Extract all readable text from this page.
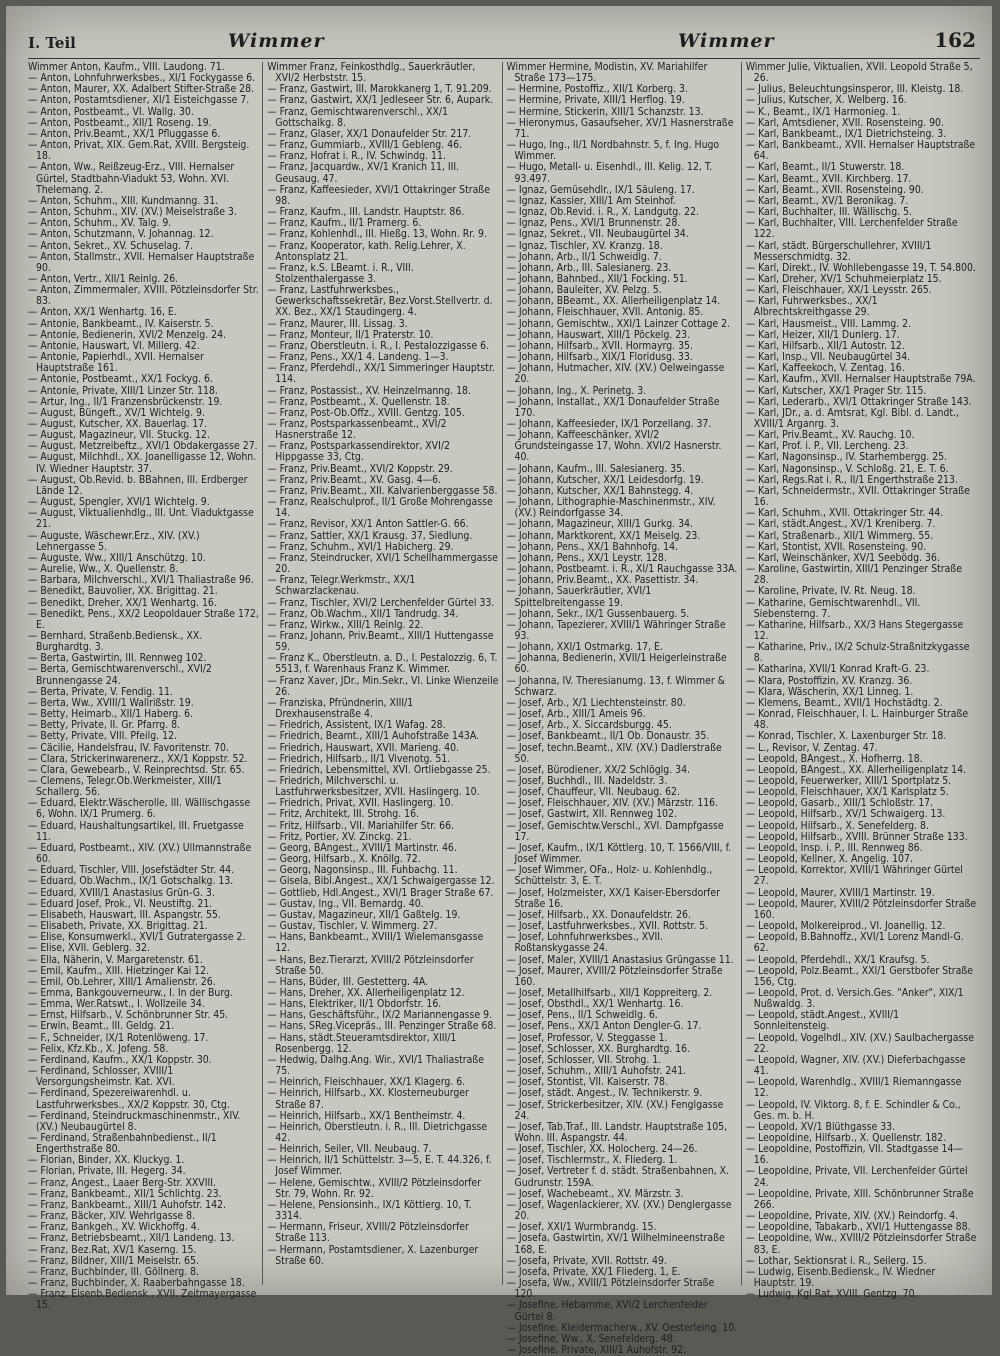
I. Teil	Wimmer	Wimmer	162

Wimmer Anton, Kaufm., VIII. Laudong. 71.

— Anton, Lohnfuhrwerksbes., XI/1 Fockygasse 6.

— Anton, Maurer, XX. Adalbert Stifter-Straße 28.

— Anton, Postamtsdiener, XI/1 Eisteichgasse 7.

— Anton, Postbeamt., VI. Wallg. 30.

— Anton, Postbeamt., XII/1 Roseng. 19.

— Anton, Priv.Beamt., XX/1 Pfluggasse 6.

— Anton, Privat, XIX. Gem.Rat, XVIII. Bergsteig. 18.

— Anton, Ww., Reißzeug-Erz., VIII. Hernalser Gürtel, Stadtbahn-Viadukt 53, Wohn. XVI. Thelemang. 2.

— Anton, Schuhm., XIII. Kundmanng. 31.

— Anton, Schuhm., XIV. (XV.) Meiselstraße 3.

— Anton, Schuhm., XV. Talg. 9.

— Anton, Schutzmann, V. Johannag. 12.

— Anton, Sekret., XV. Schuselag. 7.

— Anton, Stallmstr., XVII. Hernalser Hauptstraße 90.

— Anton, Vertr., XII/1 Reinlg. 26.

— Anton, Zimmermaler, XVIII. Pötzleinsdorfer Str. 83.

— Anton, XX/1 Wenhartg. 16, E.

— Antonie, Bankbeamt., IV. Kaiserstr. 5.

— Antonie, Bedienerin, XVI/2 Menzelg. 24.

— Antonie, Hauswart, VI. Millerg. 42.

— Antonie, Papierhdl., XVII. Hernalser Hauptstraße 161.

— Antonie, Postbeamt., XX/1 Fockyg. 6.

— Antonie, Private, XIII/1 Linzer Str. 118.

— Artur, Ing., II/1 Franzensbrückenstr. 19.

— August, Büngeft., XV/1 Wichtelg. 9.

— August, Kutscher, XX. Bauerlag. 17.

— August, Magazineur, VII. Stuckg. 12.

— August, Metzreibeftz., XVI/1 Obdakergasse 27.

— August, Milchhdl., XX. Joanelligasse 12, Wohn. IV. Wiedner Hauptstr. 37.

— August, Ob.Revid. b. BBahnen, III. Erdberger Lände 12.

— August, Spengler, XVI/1 Wichtelg. 9.

— August, Viktualienhdlg., III. Unt. Viaduktgasse 21.

— Auguste, Wäschewr.Erz., XIV. (XV.) Lehnergasse 5.

— Auguste, Ww., XIII/1 Anschützg. 10.

— Aurelie, Ww., X. Quellenstr. 8.

— Barbara, Milchverschl., XVI/1 Thaliastraße 96.

— Benedikt, Bauvolier, XX. Brigittag. 21.

— Benedikt, Dreher, XX/1 Wenhartg. 16.

— Benedikt, Pens., XX/2 Leopoldauer Straße 172, E.

— Bernhard, Straßenb.Bediensk., XX. Burghardtg. 3.

— Berta, Gastwirtin, III. Rennweg 102.

— Berta, Gemischtwarenverschl., XVI/2 Brunnengasse 24.

— Berta, Private, V. Fendig. 11.

— Berta, Ww., XVIII/1 Wallrißstr. 19.

— Betty, Heimarb., XII/1 Haberg. 6.

— Betty, Private, II. Gr. Pfarrg. 8.

— Betty, Private, VIII. Pfeilg. 12.

— Cäcilie, Handelsfrau, IV. Favoritenstr. 70.

— Clara, Strickerinwarenerz., XX/1 Koppstr. 52.

— Clara, Gewebearb., V. Reinprechtsd. Str. 65.

— Clemens, Telegr.Ob.Werkmeister, XIII/1 Schallerg. 56.

— Eduard, Elektr.Wäscherolle, III. Wällischgasse 6, Wohn. IX/1 Prumerg. 6.

— Eduard, Haushaltungsartikel, III. Fruetgasse 11.

— Eduard, Postbeamt., XIV. (XV.) Ullmannstraße 60.

— Eduard, Tischler, VIII. Josefstädter Str. 44.

— Eduard, Ob.Wachm., IX/1 Gotschalkg. 13.

— Eduard, XVIII/1 Anastasius Grün-G. 3.

— Eduard Josef, Prok., VI. Neustiftg. 21.

— Elisabeth, Hauswart, III. Aspangstr. 55.

— Elisabeth, Private, XX. Brigittag. 21.

— Elise, Konsumwerkl., XVI/1 Gutratergasse 2.

— Elise, XVII. Geblerg. 32.

— Ella, Näherin, V. Margaretenstr. 61.

— Emil, Kaufm., XIII. Hietzinger Kai 12.

— Emil, Ob.Lehrer, XIII/1 Amalienstr. 26.

— Emma, Bankgouverneurw., I. In der Burg.

— Emma, Wer.Ratswt., I. Wollzeile 34.

— Ernst, Hilfsarb., V. Schönbrunner Str. 45.

— Erwin, Beamt., III. Geldg. 21.

— F., Schneider, IX/1 Rotenlöweng. 17.

— Felix, Kfz.Kb., X. Jofeng. 58.

— Ferdinand, Kaufm., XX/1 Koppstr. 30.

— Ferdinand, Schlosser, XVIII/1 Versorgungsheimstr. Kat. XVI.

— Ferdinand, Spezereiwarenhdl. u. Lastfuhrwerksbes., XX/2 Koppstr. 30, Ctg.

— Ferdinand, Steindruckmaschinenmstr., XIV. (XV.) Neubaugürtel 8.

— Ferdinand, Straßenbahnbedienst., II/1 Engerthstraße 80.

— Florian, Binder, XX. Kluckyg. 1.

— Florian, Private, III. Hegerg. 34.

— Franz, Angest., Laaer Berg-Str. XXVIII.

— Franz, Bankbeamt., XII/1 Schlichtg. 23.

— Franz, Bankbeamt., XIII/1 Auhofstr. 142.

— Franz, Bäcker, XIV. Wehrlgasse 8.

— Franz, Bankgeh., XV. Wickhoffg. 4.

— Franz, Betriebsbeamt., XII/1 Landeng. 13.

— Franz, Bez.Rat, XV/1 Kaserng. 15.

— Franz, Bildner, XIII/1 Meiselstr. 65.

— Franz, Buchbinder, III. Göllnerg. 8.

— Franz, Buchbinder, X. Raaberbahngasse 18.

— Franz, Eisenb.Bediensk., XVII. Zeitmayergasse 15.

Wimmer Franz, Feinkosthdlg., Sauerkräutler, XVI/2 Herbststr. 15.

— Franz, Gastwirt, III. Marokkanerg 1, T. 91.209.

— Franz, Gastwirt, XX/1 Jedleseer Str. 6, Aupark.

— Franz, Gemischtwarenverschl., XX/1 Gottschalkg. 8.

— Franz, Glaser, XX/1 Donaufelder Str. 217.

— Franz, Gummiarb., XVIII/1 Gebleng. 46.

— Franz, Hofrat i. R., IV. Schwindg. 11.

— Franz, Jacquardw., XV/1 Kranich 11, III. Geusaug. 47.

— Franz, Kaffeesieder, XVI/1 Ottakringer Straße 98.

— Franz, Kaufm., III. Landstr. Hauptstr. 86.

— Franz, Kaufm., II/1 Pramerg. 6.

— Franz, Kohlenhdl., III. Hießg. 13, Wohn. Rr. 9.

— Franz, Kooperator, kath. Relig.Lehrer, X. Antonsplatz 21.

— Franz, k.S. LBeamt. i. R., VIII. Stolzenthalergasse 3.

— Franz, Lastfuhrwerksbes., Gewerkschaftssekretär, Bez.Vorst.Stellvertr. d. XX. Bez., XX/1 Staudingerg. 4.

— Franz, Maurer, III. Lissag. 3.

— Franz, Monteur, II/1 Praterstr. 10.

— Franz, Oberstleutn. i. R., I. Pestalozzigasse 6.

— Franz, Pens., XX/1 4. Landeng. 1—3.

— Franz, Pferdehdl., XX/1 Simmeringer Hauptstr. 114.

— Franz, Postassist., XV. Heinzelmanng. 18.

— Franz, Postbeamt., X. Quellenstr. 18.

— Franz, Post-Ob.Offz., XVIII. Gentzg. 105.

— Franz, Postsparkassenbeamt., XVI/2 Hasnerstraße 12.

— Franz, Postsparkassendirektor, XVI/2 Hippgasse 33, Ctg.

— Franz, Priv.Beamt., XVI/2 Koppstr. 29.

— Franz, Priv.Beamt., XV. Gasg. 4—6.

— Franz, Priv.Beamt., XII. Kalvarienberggasse 58.

— Franz, Realschulprof., II/1 Große Mohrengasse 14.

— Franz, Revisor, XX/1 Anton Sattler-G. 66.

— Franz, Sattler, XX/1 Krausg. 37, Siedlung.

— Franz, Schuhm., XVI/1 Habicherg. 29.

— Franz, Steindrucker, XVI/1 Schellhammergasse 20.

— Franz, Telegr.Werkmstr., XX/1 Schwarzlackenau.

— Franz, Tischler, XVI/2 Lerchenfelder Gürtel 33.

— Franz, Ob.Wachm., XII/1 Tandrudg. 34.

— Franz, Wirkw., XIII/1 Reinlg. 22.

— Franz, Johann, Priv.Beamt., XIII/1 Huttengasse 59.

— Franz K., Oberstleutn. a. D., I. Pestalozzig. 6, T. 5513, f. Warenhaus Franz K. Wimmer.

— Franz Xaver, JDr., Min.Sekr., VI. Linke Wienzeile 26.

— Franziska, Pfründnerin, XIII/1 Drexhausenstraße 4.

— Friedrich, Assistent, IX/1 Wafag. 28.

— Friedrich, Beamt., XIII/1 Auhofstraße 143A.

— Friedrich, Hauswart, XVII. Marieng. 40.

— Friedrich, Hilfsarb., II/1 Vivenotg. 51.

— Friedrich, Lebensmittel, XVI. Ortliebgasse 25.

— Friedrich, Milchverschl. u. Lastfuhrwerksbesitzer, XVII. Haslingerg. 10.

— Friedrich, Privat, XVII. Haslingerg. 10.

— Fritz, Architekt, III. Strohg. 16.

— Fritz, Hilfsarb., VII. Mariahilfer Str. 66.

— Fritz, Portier, XV. Zinckg. 21.

— Georg, BAngest., XVIII/1 Martinstr. 46.

— Georg, Hilfsarb., X. Knöllg. 72.

— Georg, Nagonsinsp., III. Fuhbachg. 11.

— Gisela, Bibl.Angest., XX/1 Schwaigergasse 12.

— Gottlieb, Hdl.Angest., XVI/1 Brager Straße 67.

— Gustav, Ing., VII. Bernardg. 40.

— Gustav, Magazineur, XII/1 Gaßtelg. 19.

— Gustav, Tischler, V. Wimmerg. 27.

— Hans, Bankbeamt., XVIII/1 Wielemansgasse 12.

— Hans, Bez.Tierarzt, XVIII/2 Pötzleinsdorfer Straße 50.

— Hans, Büder, III. Gestetterg. 4A.

— Hans, Dreher, XX. Allerheiligenplatz 12.

— Hans, Elektriker, II/1 Obdorfstr. 16.

— Hans, Geschäftsführ., IX/2 Mariannengasse 9.

— Hans, SReg.Vicepräs., III. Penzinger Straße 68.

— Hans, städt.Steueramtsdirektor, XIII/1 Rosenbergg. 12.

— Hedwig, Dalhg.Ang. Wir., XVI/1 Thaliastraße 75.

— Heinrich, Fleischhauer, XX/1 Klagerg. 6.

— Heinrich, Hilfsarb., XX. Klosterneuburger Straße 87.

— Heinrich, Hilfsarb., XX/1 Bentheimstr. 4.

— Heinrich, Oberstleutn. i. R., III. Dietrichgasse 42.

— Heinrich, Seiler, VII. Neubaug. 7.

— Heinrich, II/1 Schüttelstr. 3—5, E. T. 44.326, f. Josef Wimmer.

— Helene, Gemischtw., XVIII/2 Pötzleinsdorfer Str. 79, Wohn. Rr. 92.

— Helene, Pensionsinh., IX/1 Köttlerg. 10, T. 3314.

— Hermann, Friseur, XVIII/2 Pötzleinsdorfer Straße 113.

— Hermann, Postamtsdiener, X. Lazenburger Straße 60.

Wimmer Hermine, Modistin, XV. Mariahilfer Straße 173—175.

— Hermine, Postoffiz., XII/1 Korberg. 3.

— Hermine, Private, XIII/1 Herflog. 19.

— Hermine, Stickerin, XIII/1 Schanzstr. 13.

— Hieronymus, Gasaufseher, XV/1 Hasnerstraße 71.

— Hugo, Ing., II/1 Nordbahnstr. 5, f. Ing. Hugo Wimmer.

— Hugo, Metall- u. Eisenhdl., III. Kelig. 12, T. 93.497.

— Ignaz, Gemüsehdlr., IX/1 Säuleng. 17.

— Ignaz, Kassier, XIII/1 Am Steinhof.

— Ignaz, Ob.Revid. i. R., X. Landgutg. 22.

— Ignaz, Pens., XVI/1 Brunnenstr. 28.

— Ignaz, Sekret., VII. Neubaugürtel 34.

— Ignaz, Tischler, XV. Kranzg. 18.

— Johann, Arb., II/1 Schweidlg. 7.

— Johann, Arb., III. Salesianerg. 23.

— Johann, Bahnbed., XII/1 Focking. 51.

— Johann, Bauleiter, XV. Pelzg. 5.

— Johann, BBeamt., XX. Allerheiligenplatz 14.

— Johann, Fleischhauer, XVII. Antonig. 85.

— Johann, Gemischtw., XXI/1 Lainzer Cottage 2.

— Johann, Hauswart, XIII/1 Pöckelg. 23.

— Johann, Hilfsarb., XVII. Hormayrg. 35.

— Johann, Hilfsarb., XIX/1 Floridusg. 33.

— Johann, Hutmacher, XIV. (XV.) Oelweingasse 20.

— Johann, Ing., X. Perinetg. 3.

— Johann, Installat., XX/1 Donaufelder Straße 170.

— Johann, Kaffeesieder, IX/1 Porzellang. 37.

— Johann, Kaffeeschänker, XVI/2 Grundsteingasse 17, Wohn. XVI/2 Hasnerstr. 40.

— Johann, Kaufm., III. Salesianerg. 35.

— Johann, Kutscher, XX/1 Leidesdorfg. 19.

— Johann, Kutscher, XX/1 Bahnstegg. 4.

— Johann, Lithographie-Maschinenmstr., XIV. (XV.) Reindorfgasse 34.

— Johann, Magazineur, XIII/1 Gurkg. 34.

— Johann, Marktkorent, XX/1 Meiselg. 23.

— Johann, Pens., XX/1 Bahnhofg. 14.

— Johann, Pens., XX/1 Leystr. 128.

— Johann, Postbeamt. i. R., XI/1 Rauchgasse 33A.

— Johann, Priv.Beamt., XX. Pasettistr. 34.

— Johann, Sauerkräutler, XVI/1 Spittelbreitengasse 19.

— Johann, Sekr., IX/1 Gussenbauerg. 5.

— Johann, Tapezierer, XVIII/1 Währinger Straße 93.

— Johann, XXI/1 Ostmarkg. 17, E.

— Johanna, Bedienerin, XVII/1 Heigerleinstraße 60.

— Johanna, IV. Theresianumg. 13, f. Wimmer & Schwarz.

— Josef, Arb., X/1 Liechtensteinstr. 80.

— Josef, Arb., XIII/1 Ameis 96.

— Josef, Arb., X. Siccardsburgg. 45.

— Josef, Bankbeamt., II/1 Ob. Donaustr. 35.

— Josef, techn.Beamt., XIV. (XV.) Dadlerstraße 50.

— Josef, Bürodiener, XX/2 Schlöglg. 34.

— Josef, Buchhdl., III. Nadeldstr. 3.

— Josef, Chauffeur, VII. Neubaug. 62.

— Josef, Fleischhauer, XIV. (XV.) Märzstr. 116.

— Josef, Gastwirt, XII. Rennweg 102.

— Josef, Gemischtw.Verschl., XVI. Dampfgasse 17.

— Josef, Kaufm., IX/1 Köttlerg. 10, T. 1566/VIII, f. Josef Wimmer.

— Josef Wimmer, OFa., Holz- u. Kohlenhdlg., Schüttelstr. 3, E. T.

— Josef, Holzmeister, XX/1 Kaiser-Ebersdorfer Straße 16.

— Josef, Hilfsarb., XX. Donaufeldstr. 26.

— Josef, Lastfuhrwerksbes., XVII. Rottstr. 5.

— Josef, Lohnfuhrwerksbes., XVII. Roßtanskygasse 24.

— Josef, Maler, XVIII/1 Anastasius Grüngasse 11.

— Josef, Maurer, XVIII/2 Pötzleinsdorfer Straße 160.

— Josef, Metallhilfsarb., XII/1 Koppreiterg. 2.

— Josef, Obsthdl., XX/1 Wenhartg. 16.

— Josef, Pens., II/1 Schweidlg. 6.

— Josef, Pens., XX/1 Anton Dengler-G. 17.

— Josef, Professor, V. Steggasse 1.

— Josef, Schlosser, XX. Burghardtg. 16.

— Josef, Schlosser, VII. Strohg. 1.

— Josef, Schuhm., XIII/1 Auhofstr. 241.

— Josef, Stontist, VII. Kaiserstr. 78.

— Josef, städt. Angest., IV. Technikerstr. 9.

— Josef, Strickerbesitzer, XIV. (XV.) Fenglgasse 24.

— Josef, Tab.Traf., III. Landstr. Hauptstraße 105, Wohn. III. Aspangstr. 44.

— Josef, Tischler, XX. Holocherg. 24—26.

— Josef, Tischlermstr., X. Fliederg. 1.

— Josef, Vertreter f. d. städt. Straßenbahnen, X. Gudrunstr. 159A.

— Josef, Wachebeamt., XV. Märzstr. 3.

— Josef, Wagenlackierer, XV. (XV.) Denglergasse 20.

— Josef, XXI/1 Wurmbrandg. 15.

— Josefa, Gastwirtin, XV/1 Wilhelmineenstraße 168, E.

— Josefa, Private, XVII. Rottstr. 49.

— Josefa, Private, XX/1 Fliederg. 1, E.

— Josefa, Ww., XVIII/1 Pötzleinsdorfer Straße 120.

— Josefine, Hebamme, XVI/2 Lerchenfelder Gürtel 8.

— Josefine, Kleidermacherw., XV. Oesterleing. 10.

— Josefine, Ww., X. Senefelderg. 48.

— Josefine, Private, XIII/1 Auhofstr. 92.

Wimmer Julie, Viktualien, XVII. Leopold Straße 5, 26.

— Julius, Beleuchtungsinsperor, III. Kleistg. 18.

— Julius, Kutscher, X. Welberg. 16.

— K., Beamt., IX/1 Harmonieg. 1.

— Karl, Amtsdiener, XVII. Rosensteing. 90.

— Karl, Bankbeamt., IX/1 Dietrichsteing. 3.

— Karl, Bankbeamt., XVII. Hernalser Hauptstraße 64.

— Karl, Beamt., II/1 Stuwerstr. 18.

— Karl, Beamt., XVII. Kirchberg. 17.

— Karl, Beamt., XVII. Rosensteing. 90.

— Karl, Beamt., XV/1 Beronikag. 7.

— Karl, Buchhalter, III. Wällischg. 5.

— Karl, Buchhalter, VIII. Lerchenfelder Straße 122.

— Karl, städt. Bürgerschullehrer, XVIII/1 Messerschmidtg. 32.

— Karl, Direkt., IV. Wohllebengasse 19, T. 54.800.

— Karl, Dreher, XV/1 Schuhmeierplatz 15.

— Karl, Fleischhauer, XX/1 Leysstr. 265.

— Karl, Fuhrwerksbes., XX/1 Albrechtskreithgasse 29.

— Karl, Hausmeist., VIII. Lammg. 2.

— Karl, Heizer, XII/1 Dunlerg. 17.

— Karl, Hilfsarb., XII/1 Autostr. 12.

— Karl, Insp., VII. Neubaugürtel 34.

— Karl, Kaffeekoch, V. Zentag. 16.

— Karl, Kaufm., XVII. Hernalser Hauptstraße 79A.

— Karl, Kutscher, XX/1 Prager Str. 115.

— Karl, Lederarb., XVI/1 Ottakringer Straße 143.

— Karl, JDr., a. d. Amtsrat, Kgl. Bibl. d. Landt., XVIII/1 Arganrg. 3.

— Karl, Priv.Beamt., XV. Rauchg. 10.

— Karl, Prof. i. P., VII. Lercheng. 23.

— Karl, Nagonsinsp., IV. Starhembergg. 25.

— Karl, Nagonsinsp., V. Schloßg. 21, E. T. 6.

— Karl, Regs.Rat i. R., II/1 Engerthstraße 213.

— Karl, Schneidermstr., XVII. Ottakringer Straße 16.

— Karl, Schuhm., XVII. Ottakringer Str. 44.

— Karl, städt.Angest., XV/1 Kreniberg. 7.

— Karl, Straßenarb., XII/1 Wimmerg. 55.

— Karl, Stontist, XVII. Rosensteing. 90.

— Karl, Weinschänker, XV/1 Seebödg. 36.

— Karoline, Gastwirtin, XIII/1 Penzinger Straße 28.

— Karoline, Private, IV. Rt. Neug. 18.

— Katharine, Gemischtwarenhdl., VII. Siebensterng. 7.

— Katharine, Hilfsarb., XX/3 Hans Stegergasse 12.

— Katharine, Priv., IX/2 Schulz-Straßnitzkygasse 8.

— Katharina, XVII/1 Konrad Kraft-G. 23.

— Klara, Postoffizin, XV. Kranzg. 36.

— Klara, Wäscherin, XX/1 Linneg. 1.

— Klemens, Beamt., XVII/1 Hochstädtg. 2.

— Konrad, Fleischhauer, I. L. Hainburger Straße 48.

— Konrad, Tischler, X. Laxenburger Str. 18.

— L., Revisor, V. Zentag. 47.

— Leopold, BAngest., X. Hofherrg. 18.

— Leopold, BAngest., XX. Allerheiligenplatz 14.

— Leopold, Feuerwerker, XIII/1 Sportplatz 5.

— Leopold, Fleischhauer, XX/1 Karlsplatz 5.

— Leopold, Gasarb., XIII/1 Schloßstr. 17.

— Leopold, Hilfsarb., XV/1 Schwaigerg. 13.

— Leopold, Hilfsarb., X. Senefelderg. 8.

— Leopold, Hilfsarb., XVIII. Brünner Straße 133.

— Leopold, Insp. i. P., III. Rennweg 86.

— Leopold, Kellner, X. Angelig. 107.

— Leopold, Korrektor, XVIII/1 Währinger Gürtel 27.

— Leopold, Maurer, XVIII/1 Martinstr. 19.

— Leopold, Maurer, XVIII/2 Pötzleinsdorfer Straße 160.

— Leopold, Molkereiprod., VI. Joanellig. 12.

— Leopold, B.Bahnoffz., XVI/1 Lorenz Mandl-G. 62.

— Leopold, Pferdehdl., XX/1 Kraufsg. 5.

— Leopold, Polz.Beamt., XXI/1 Gerstbofer Straße 156, Ctg.

— Leopold, Prot. d. Versich.Ges. "Anker", XIX/1 Nußwaldg. 3.

— Leopold, städt.Angest., XVIII/1 Sonnleitensteig.

— Leopold, Vogelhdl., XIV. (XV.) Saulbachergasse 22.

— Leopold, Wagner, XIV. (XV.) Dieferbachgasse 41.

— Leopold, Warenhdlg., XVIII/1 Riemanngasse 12.

— Leopold, IV. Viktorg. 8, f. E. Schindler & Co., Ges. m. b. H.

— Leopold, XV/1 Blüthgasse 33.

— Leopoldine, Hilfsarb., X. Quellenstr. 182.

— Leopoldine, Postoffizin, VII. Stadtgasse 14—16.

— Leopoldine, Private, VII. Lerchenfelder Gürtel 24.

— Leopoldine, Private, XIII. Schönbrunner Straße 266.

— Leopoldine, Private, XIV. (XV.) Reindorfg. 4.

— Leopoldine, Tabakarb., XVI/1 Huttengasse 88.

— Leopoldine, Ww., XVIII/2 Pötzleinsdorfer Straße 83, E.

— Lothar, Sektionsrat i. R., Seilerg. 15.

— Ludwig, Eisenb.Bediensk., IV. Wiedner Hauptstr. 19.

— Ludwig, Kgl.Rat, XVIII. Gentzg. 70.
